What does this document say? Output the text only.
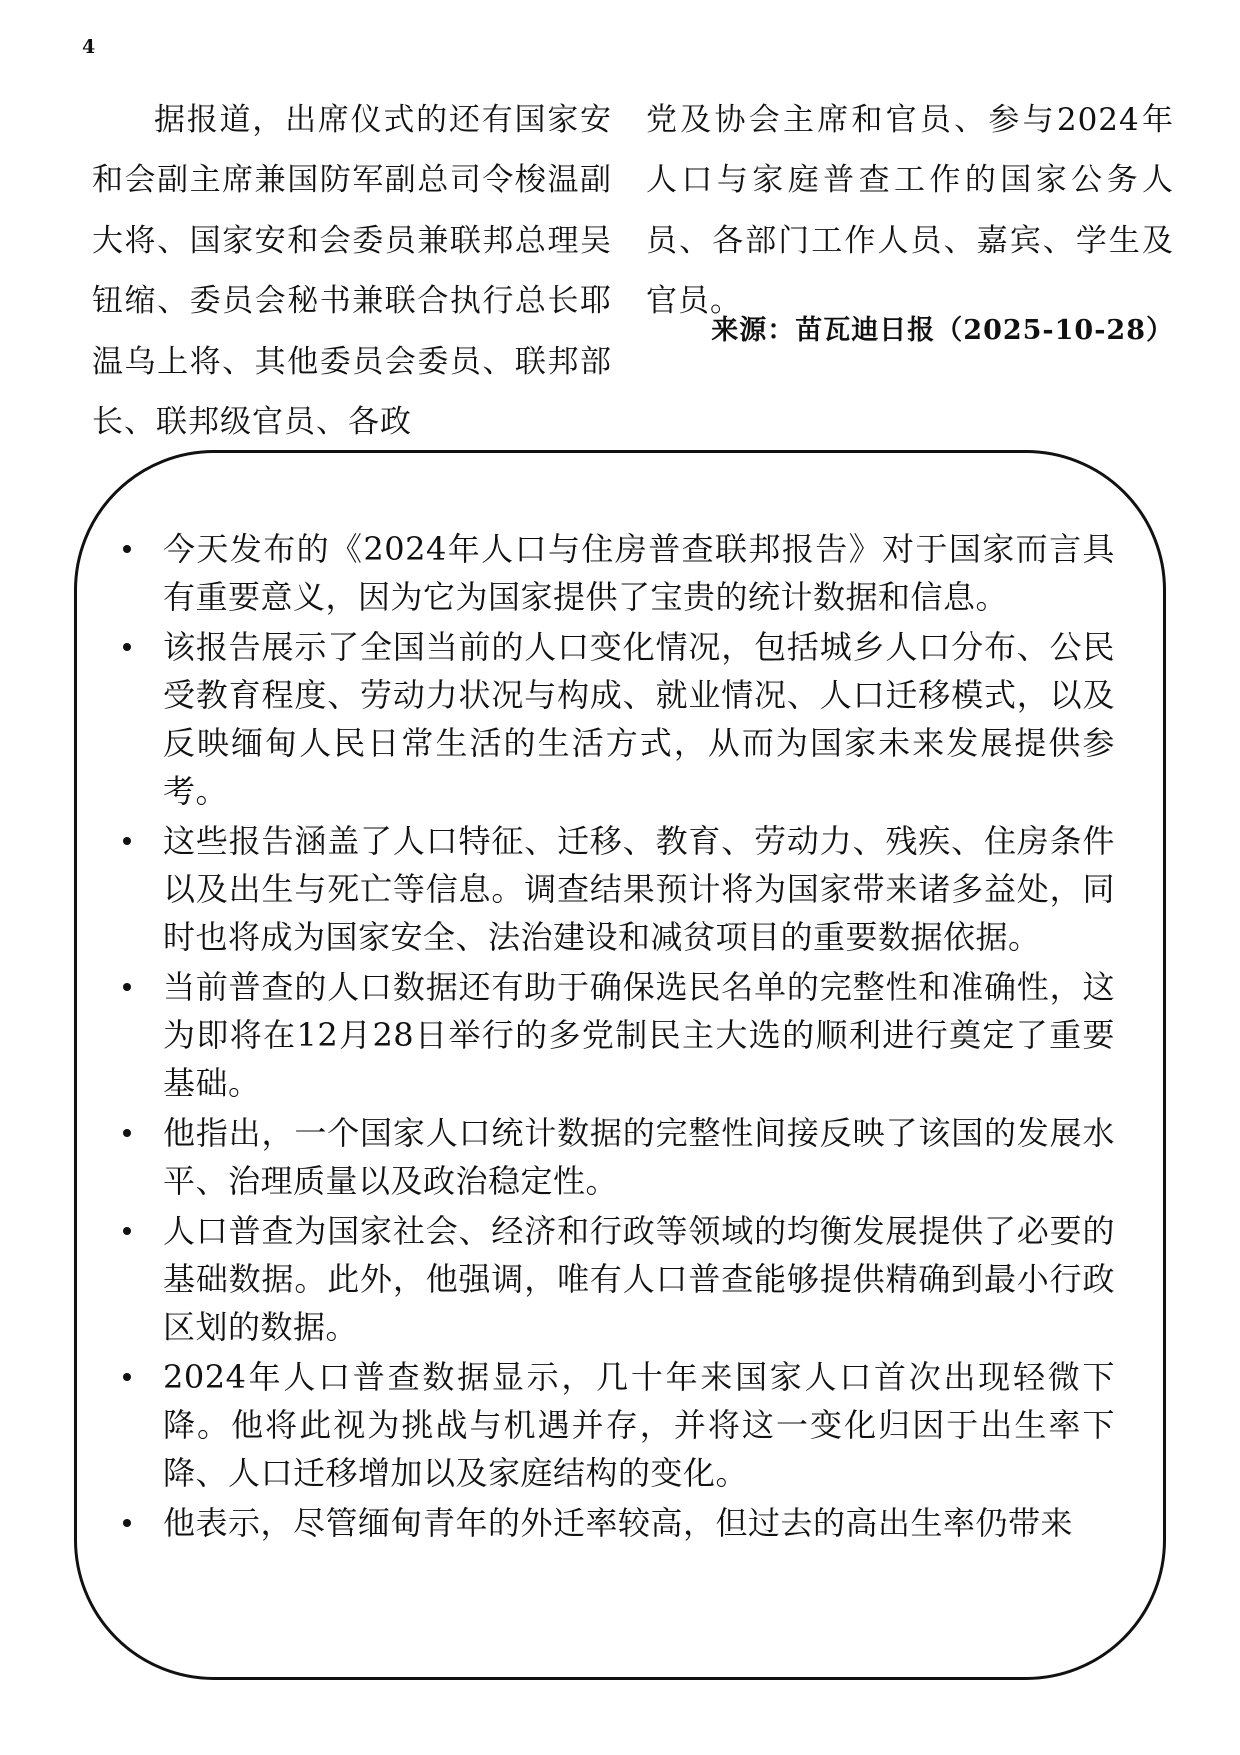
4

据报道，出席仪式的还有国家安和会副主席兼国防军副总司令梭温副大将、国家安和会委员兼联邦总理吴钮缩、委员会秘书兼联合执行总长耶温乌上将、其他委员会委员、联邦部长、联邦级官员、各政

党及协会主席和官员、参与2024年人口与家庭普查工作的国家公务人员、各部门工作人员、嘉宾、学生及官员。

来源：苗瓦迪日报（2025-10-28）
今天发布的《2024年人口与住房普查联邦报告》对于国家而言具有重要意义，因为它为国家提供了宝贵的统计数据和信息。
该报告展示了全国当前的人口变化情况，包括城乡人口分布、公民受教育程度、劳动力状况与构成、就业情况、人口迁移模式，以及反映缅甸人民日常生活的生活方式，从而为国家未来发展提供参考。
这些报告涵盖了人口特征、迁移、教育、劳动力、残疾、住房条件以及出生与死亡等信息。调查结果预计将为国家带来诸多益处，同时也将成为国家安全、法治建设和减贫项目的重要数据依据。
当前普查的人口数据还有助于确保选民名单的完整性和准确性，这为即将在12月28日举行的多党制民主大选的顺利进行奠定了重要基础。
他指出，一个国家人口统计数据的完整性间接反映了该国的发展水平、治理质量以及政治稳定性。
人口普查为国家社会、经济和行政等领域的均衡发展提供了必要的基础数据。此外，他强调，唯有人口普查能够提供精确到最小行政区划的数据。
2024年人口普查数据显示，几十年来国家人口首次出现轻微下降。他将此视为挑战与机遇并存，并将这一变化归因于出生率下降、人口迁移增加以及家庭结构的变化。
他表示，尽管缅甸青年的外迁率较高，但过去的高出生率仍带来
